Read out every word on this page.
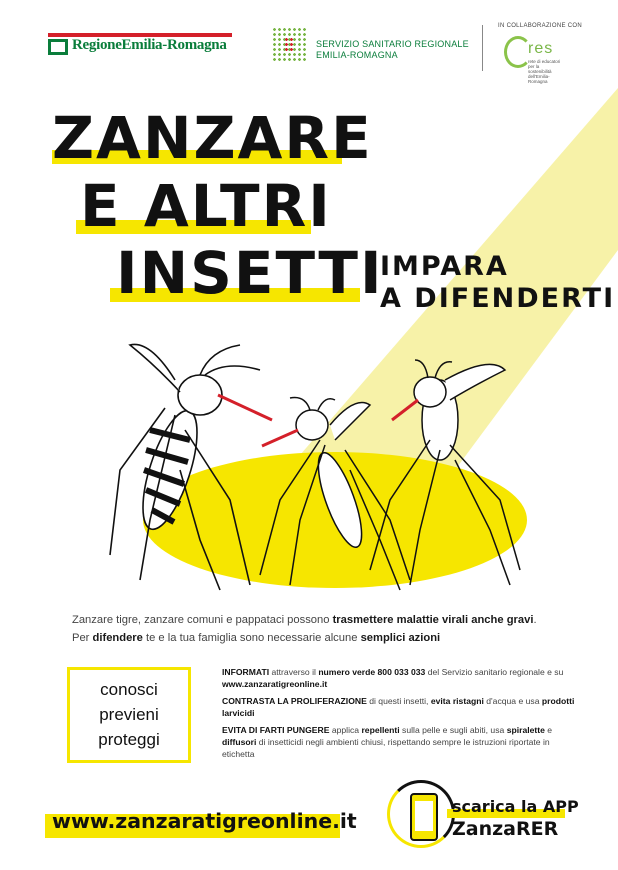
RegioneEmilia-Romagna	SERVIZIO SANITARIO REGIONALE
EMILIA-ROMAGNA
IN COLLABORAZIONE CON
res
rete di educatori per la sostenibilità dell'Emilia-Romagna
ZANZARE
E ALTRI
INSETTI
IMPARA
A DIFENDERTI
Zanzare tigre, zanzare comuni e pappataci possono trasmettere malattie virali anche gravi.
Per difendere te e la tua famiglia sono necessarie alcune semplici azioni
conosci
previeni
proteggi
INFORMATI attraverso il numero verde 800 033 033 del Servizio sanitario regionale e su www.zanzaratigreonline.it
CONTRASTA LA PROLIFERAZIONE di questi insetti, evita ristagni d'acqua e usa prodotti larvicidi
EVITA DI FARTI PUNGERE applica repellenti sulla pelle e sugli abiti, usa spiralette e diffusori di insetticidi negli ambienti chiusi, rispettando sempre le istruzioni riportate in etichetta
www.zanzaratigreonline.it
scarica la APP
ZanzaRER
